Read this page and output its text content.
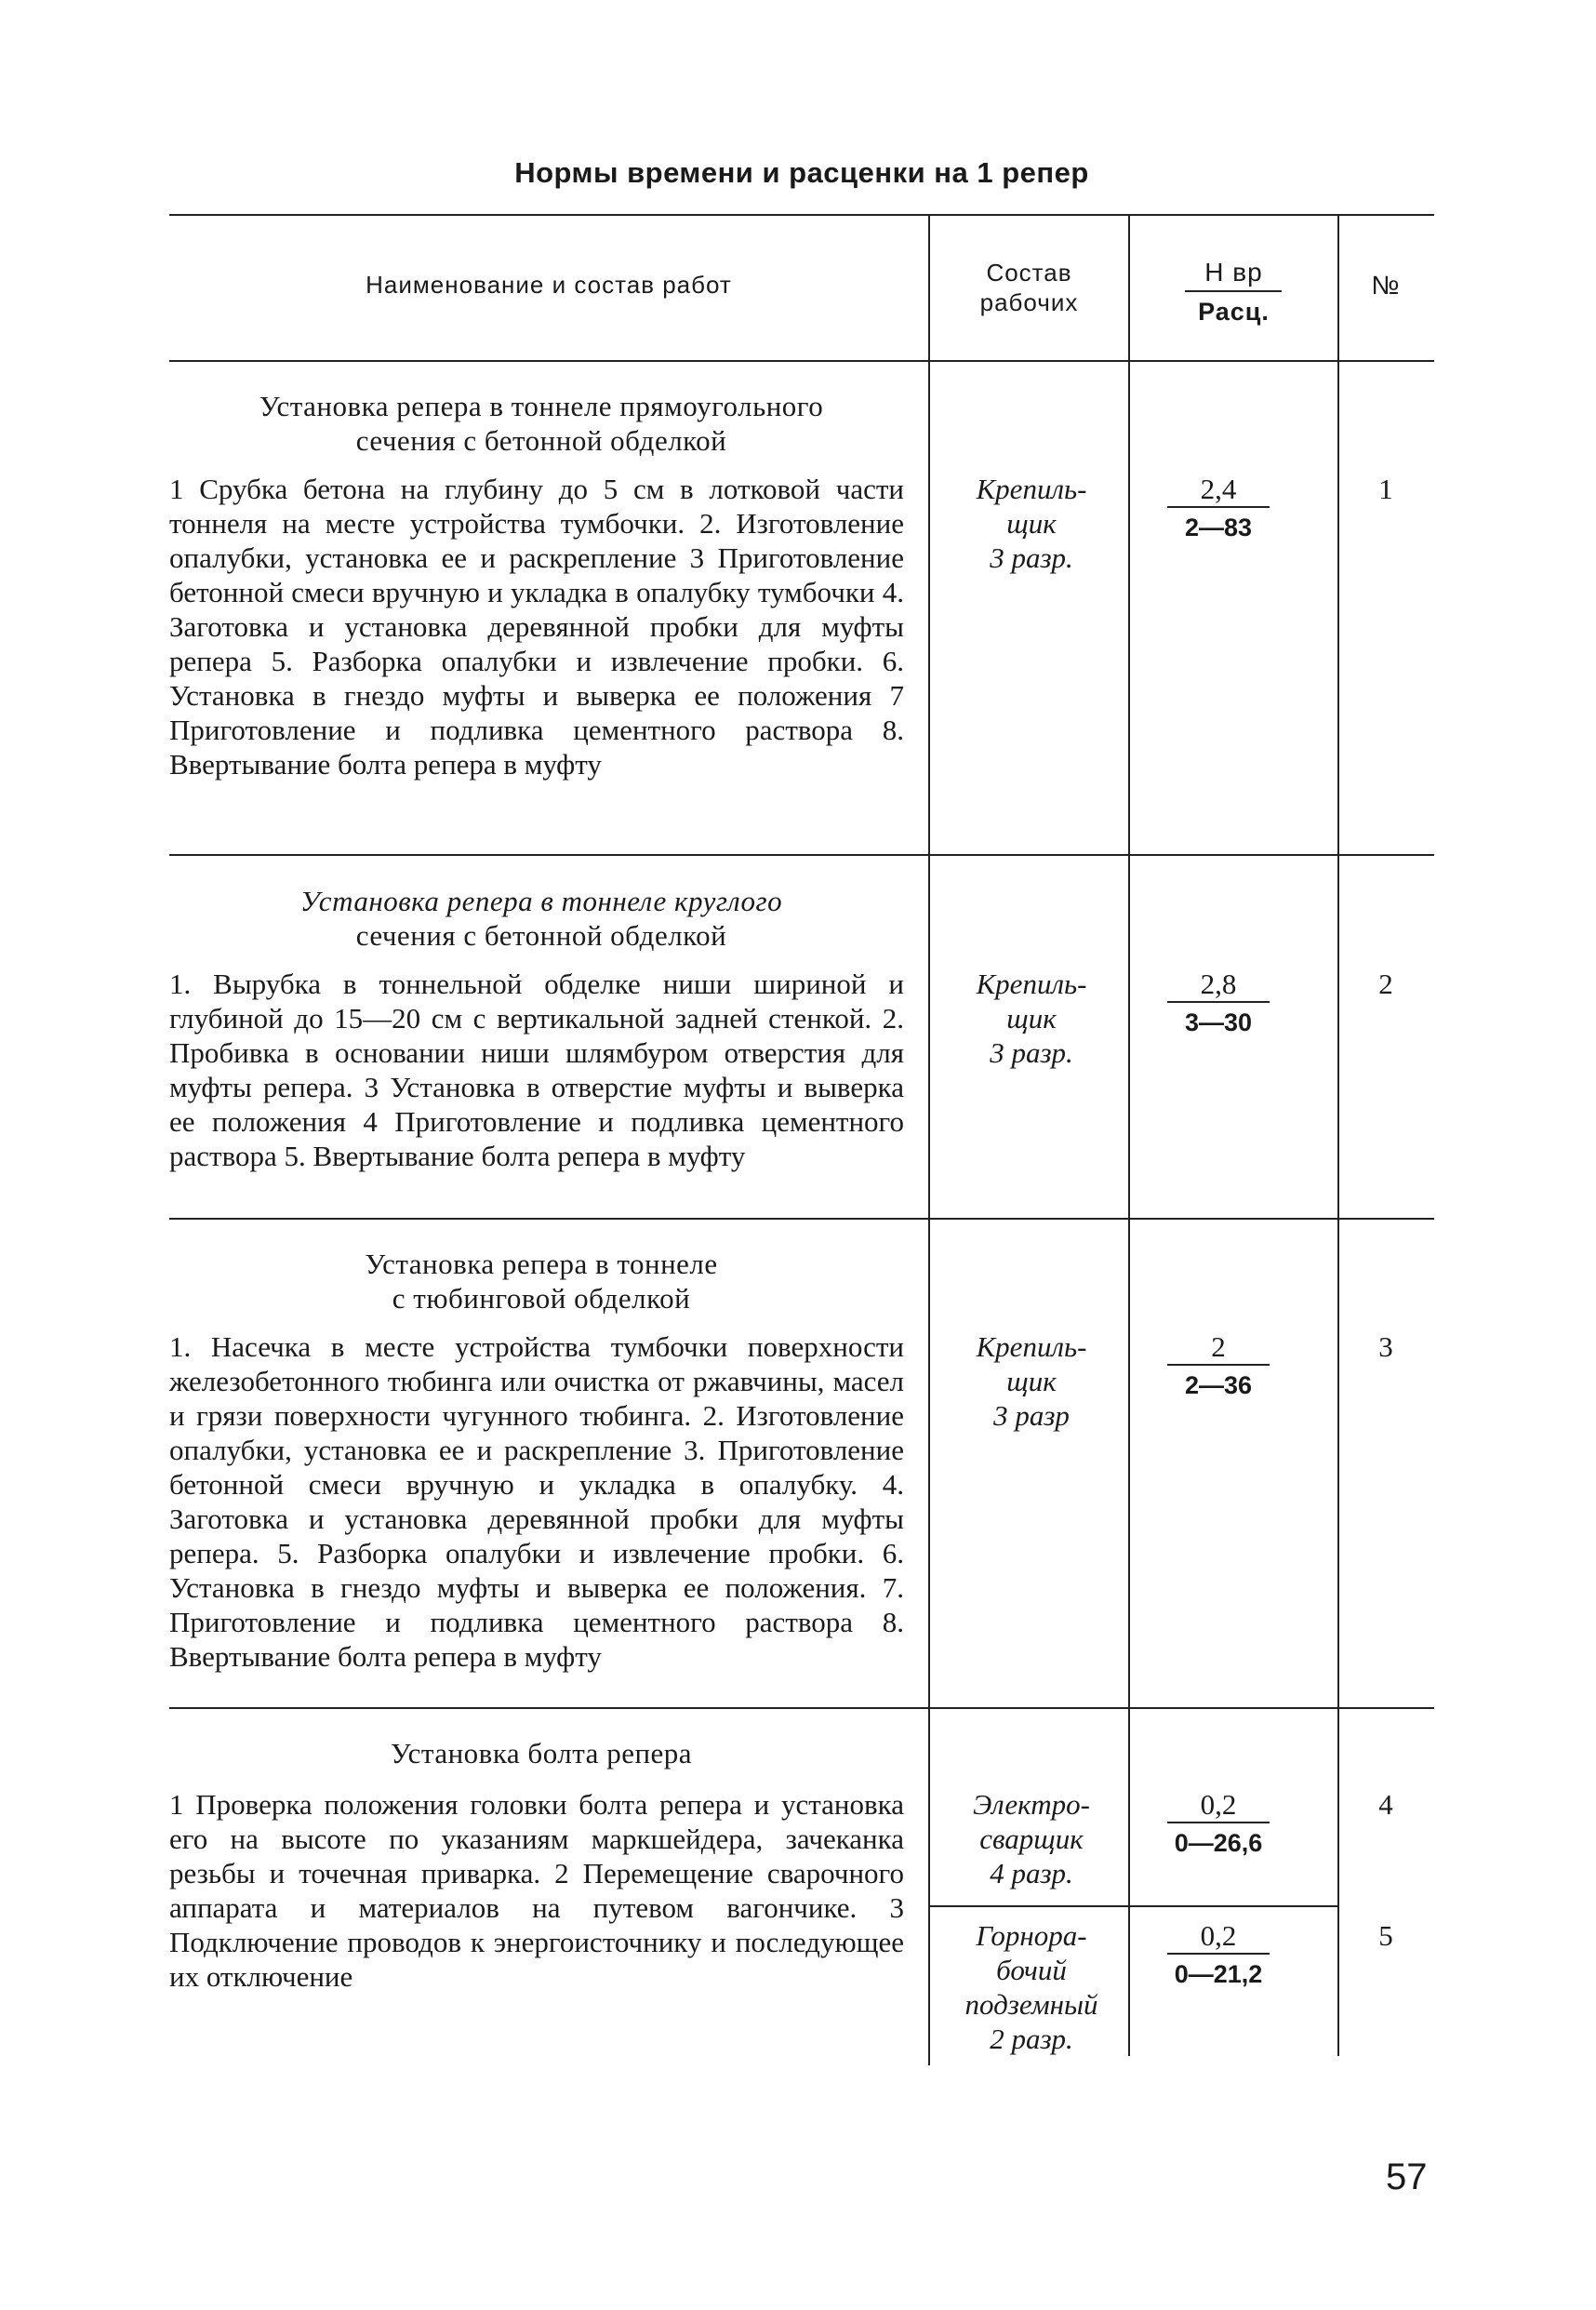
Нормы времени и расценки на 1 репер
Наименование и состав работ	Состав
рабочих
Н вр
Расц.
№
Установка репера в тоннеле прямоугольного
сечения с бетонной обделкой
1 Срубка бетона на глубину до 5 см в лотковой части тоннеля на месте устройства тумбочки. 2. Изготовление опалубки, установка ее и раскрепление 3 Приготовление бетонной смеси вручную и укладка в опалубку тумбочки 4. Заготовка и установка деревянной пробки для муфты репера 5. Разборка опалубки и извлечение пробки. 6. Установка в гнездо муфты и выверка ее положения 7 Приготовление и подливка цементного раствора 8. Ввертывание болта репера в муфту
Крепиль-
щик
3 разр.
2,4
2—83
1
Установка репера в тоннеле круглого
сечения с бетонной обделкой
1. Вырубка в тоннельной обделке ниши шириной и глубиной до 15—20 см с вертикальной задней стенкой. 2. Пробивка в основании ниши шлямбуром отверстия для муфты репера. 3 Установка в отверстие муфты и выверка ее положения 4 Приготовление и подливка цементного раствора 5. Ввертывание болта репера в муфту
Крепиль-
щик
3 разр.
2,8
3—30
2
Установка репера в тоннеле
с тюбинговой обделкой
1. Насечка в месте устройства тумбочки поверхности железобетонного тюбинга или очистка от ржавчины, масел и грязи поверхности чугунного тюбинга. 2. Изготовление опалубки, установка ее и раскрепление 3. Приготовление бетонной смеси вручную и укладка в опалубку. 4. Заготовка и установка деревянной пробки для муфты репера. 5. Разборка опалубки и извлечение пробки. 6. Установка в гнездо муфты и выверка ее положения. 7. Приготовление и подливка цементного раствора 8. Ввертывание болта репера в муфту
Крепиль-
щик
3 разр
2
2—36
3
Установка болта репера
1 Проверка положения головки болта репера и установка его на высоте по указаниям маркшейдера, зачеканка резьбы и точечная приварка. 2 Перемещение сварочного аппарата и материалов на путевом вагончике. 3 Подключение проводов к энергоисточнику и последующее их отключение
Электро-
сварщик
4 разр.
0,2
0—26,6
4
Горнора-
бочий
подземный
2 разр.
0,2
0—21,2
5
57
